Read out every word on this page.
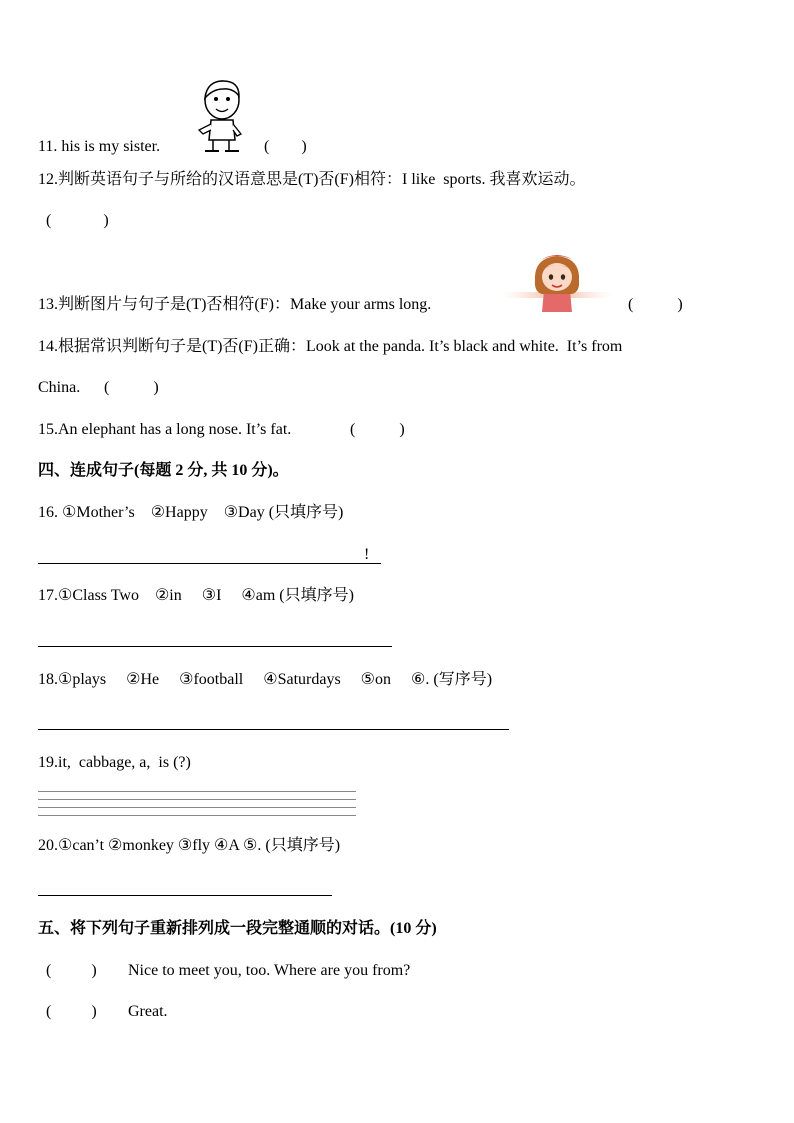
11. his is my sister.	(        )
12.判断英语句子与所给的汉语意思是(T)否(F)相符：I like  sports. 我喜欢运动。
(             )
13.判断图片与句子是(T)否相符(F)：Make your arms long.	(           )
14.根据常识判断句子是(T)否(F)正确：Look at the panda. It’s black and white.  It’s from
China. (           )
15.An elephant has a long nose. It’s fat.	(           )
四、连成句子(每题 2 分, 共 10 分)。
16. ①Mother’s    ②Happy    ③Day (只填序号)
!
17.①Class Two    ②in     ③I     ④am (只填序号)
18.①plays     ②He     ③football     ④Saturdays     ⑤on     ⑥. (写序号)
19.it,  cabbage, a,  is (?)
20.①can’t ②monkey ③fly ④A ⑤. (只填序号)
五、将下列句子重新排列成一段完整通顺的对话。(10 分)
(          ) Nice to meet you, too. Where are you from?
(          ) Great.
